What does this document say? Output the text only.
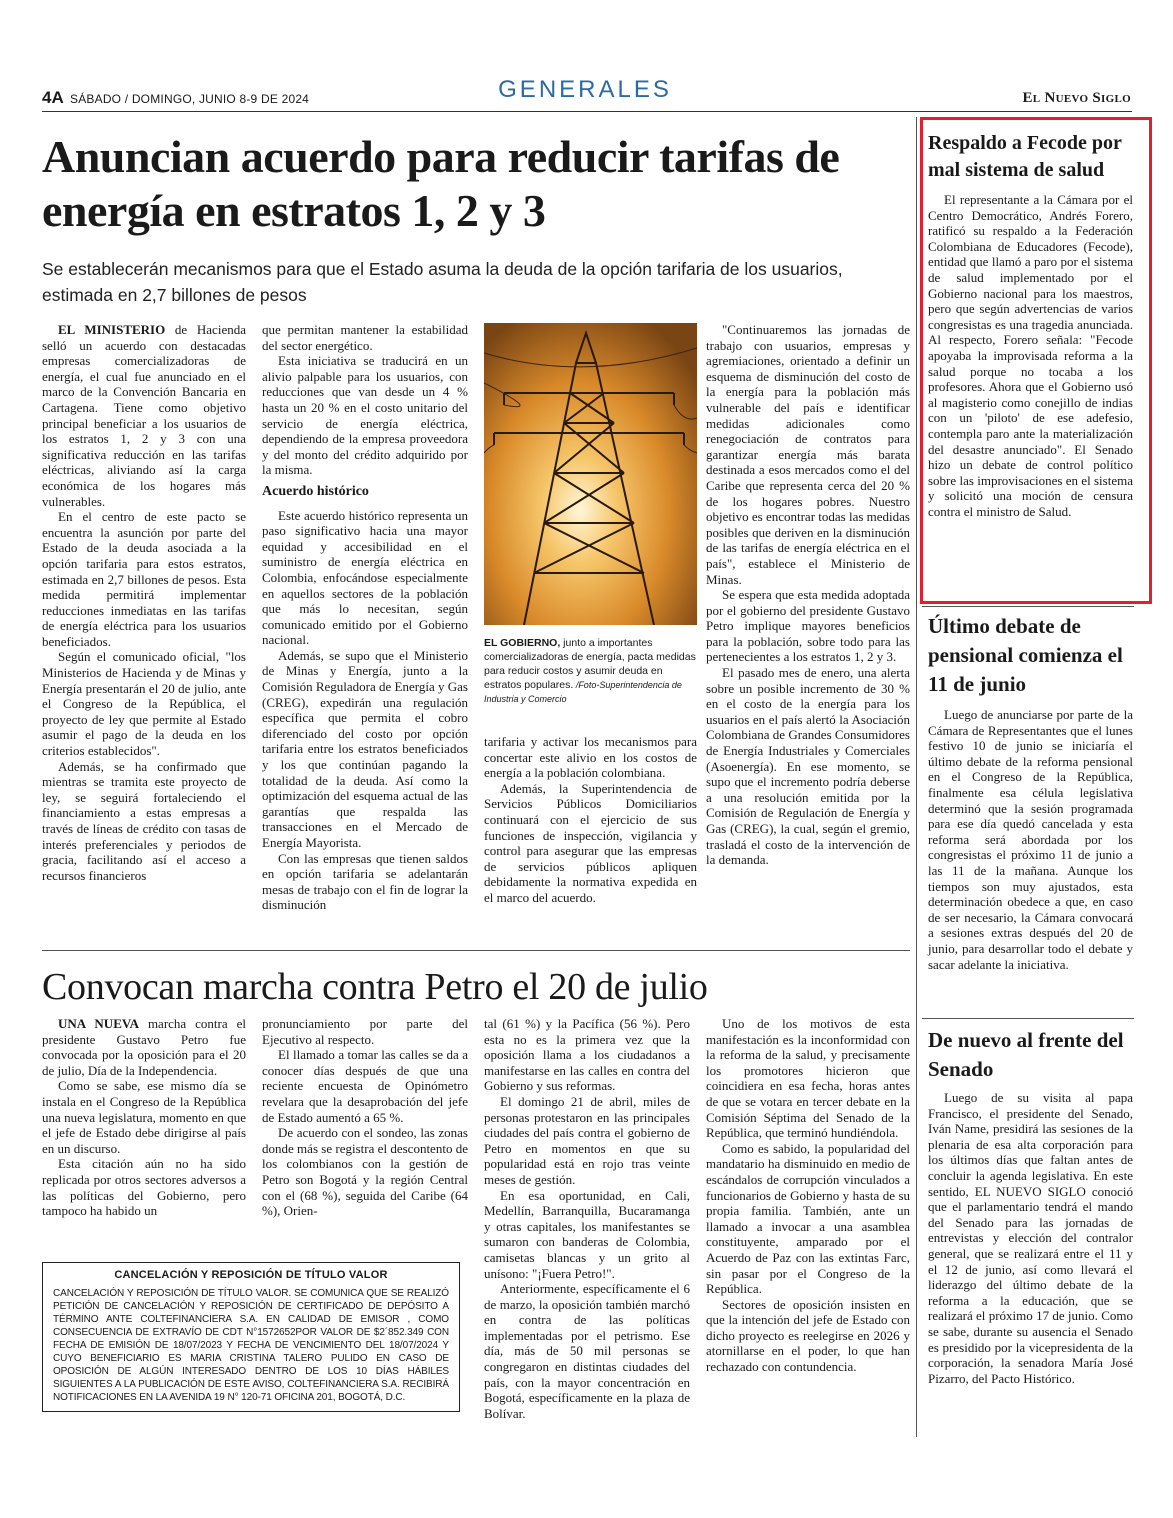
4A SÁBADO / DOMINGO, JUNIO 8-9 DE 2024	GENERALES	El Nuevo Siglo
Anuncian acuerdo para reducir tarifas de energía en estratos 1, 2 y 3

Se establecerán mecanismos para que el Estado asuma la deuda de la opción tarifaria de los usuarios, estimada en 2,7 billones de pesos

EL MINISTERIO de Hacienda selló un acuerdo con destacadas empresas comercializadoras de energía, el cual fue anunciado en el marco de la Convención Bancaria en Cartagena. Tiene como objetivo principal beneficiar a los usuarios de los estratos 1, 2 y 3 con una significativa reducción en las tarifas eléctricas, aliviando así la carga económica de los hogares más vulnerables.

En el centro de este pacto se encuentra la asunción por parte del Estado de la deuda asociada a la opción tarifaria para estos estratos, estimada en 2,7 billones de pesos. Esta medida permitirá implementar reducciones inmediatas en las tarifas de energía eléctrica para los usuarios beneficiados.

Según el comunicado oficial, "los Ministerios de Hacienda y de Minas y Energía presentarán el 20 de julio, ante el Congreso de la República, el proyecto de ley que permite al Estado asumir el pago de la deuda en los criterios establecidos".

Además, se ha confirmado que mientras se tramita este proyecto de ley, se seguirá fortaleciendo el financiamiento a estas empresas a través de líneas de crédito con tasas de interés preferenciales y periodos de gracia, facilitando así el acceso a recursos financieros

que permitan mantener la estabilidad del sector energético.

Esta iniciativa se traducirá en un alivio palpable para los usuarios, con reducciones que van desde un 4 % hasta un 20 % en el costo unitario del servicio de energía eléctrica, dependiendo de la empresa proveedora y del monto del crédito adquirido por la misma.

Acuerdo histórico

Este acuerdo histórico representa un paso significativo hacia una mayor equidad y accesibilidad en el suministro de energía eléctrica en Colombia, enfocándose especialmente en aquellos sectores de la población que más lo necesitan, según comunicado emitido por el Gobierno nacional.

Además, se supo que el Ministerio de Minas y Energía, junto a la Comisión Reguladora de Energía y Gas (CREG), expedirán una regulación específica que permita el cobro diferenciado del costo por opción tarifaria entre los estratos beneficiados y los que continúan pagando la totalidad de la deuda. Así como la optimización del esquema actual de las garantías que respalda las transacciones en el Mercado de Energía Mayorista.

Con las empresas que tienen saldos en opción tarifaria se adelantarán mesas de trabajo con el fin de lograr la disminución

EL GOBIERNO, junto a importantes comercializadoras de energía, pacta medidas para reducir costos y asumir deuda en estratos populares. /Foto-Superintendencia de Industria y Comercio

tarifaria y activar los mecanismos para concertar este alivio en los costos de energía a la población colombiana.

Además, la Superintendencia de Servicios Públicos Domiciliarios continuará con el ejercicio de sus funciones de inspección, vigilancia y control para asegurar que las empresas de servicios públicos apliquen debidamente la normativa expedida en el marco del acuerdo.

"Continuaremos las jornadas de trabajo con usuarios, empresas y agremiaciones, orientado a definir un esquema de disminución del costo de la energía para la población más vulnerable del país e identificar medidas adicionales como renegociación de contratos para garantizar energía más barata destinada a esos mercados como el del Caribe que representa cerca del 20 % de los hogares pobres. Nuestro objetivo es encontrar todas las medidas posibles que deriven en la disminución de las tarifas de energía eléctrica en el país", establece el Ministerio de Minas.

Se espera que esta medida adoptada por el gobierno del presidente Gustavo Petro implique mayores beneficios para la población, sobre todo para las pertenecientes a los estratos 1, 2 y 3.

El pasado mes de enero, una alerta sobre un posible incremento de 30 % en el costo de la energía para los usuarios en el país alertó la Asociación Colombiana de Grandes Consumidores de Energía Industriales y Comerciales (Asoenergía). En ese momento, se supo que el incremento podría deberse a una resolución emitida por la Comisión de Regulación de Energía y Gas (CREG), la cual, según el gremio, trasladá el costo de la intervención de la demanda.

Convocan marcha contra Petro el 20 de julio

UNA NUEVA marcha contra el presidente Gustavo Petro fue convocada por la oposición para el 20 de julio, Día de la Independencia.

Como se sabe, ese mismo día se instala en el Congreso de la República una nueva legislatura, momento en que el jefe de Estado debe dirigirse al país en un discurso.

Esta citación aún no ha sido replicada por otros sectores adversos a las políticas del Gobierno, pero tampoco ha habido un

pronunciamiento por parte del Ejecutivo al respecto.

El llamado a tomar las calles se da a conocer días después de que una reciente encuesta de Opinómetro revelara que la desaprobación del jefe de Estado aumentó a 65 %.

De acuerdo con el sondeo, las zonas donde más se registra el descontento de los colombianos con la gestión de Petro son Bogotá y la región Central con el (68 %), seguida del Caribe (64 %), Orien-

tal (61 %) y la Pacífica (56 %). Pero esta no es la primera vez que la oposición llama a los ciudadanos a manifestarse en las calles en contra del Gobierno y sus reformas.

El domingo 21 de abril, miles de personas protestaron en las principales ciudades del país contra el gobierno de Petro en momentos en que su popularidad está en rojo tras veinte meses de gestión.

En esa oportunidad, en Cali, Medellín, Barranquilla, Bucaramanga y otras capitales, los manifestantes se sumaron con banderas de Colombia, camisetas blancas y un grito al unísono: "¡Fuera Petro!".

Anteriormente, específicamente el 6 de marzo, la oposición también marchó en contra de las políticas implementadas por el petrismo. Ese día, más de 50 mil personas se congregaron en distintas ciudades del país, con la mayor concentración en Bogotá, específicamente en la plaza de Bolívar.

Uno de los motivos de esta manifestación es la inconformidad con la reforma de la salud, y precisamente los promotores hicieron que coincidiera en esa fecha, horas antes de que se votara en tercer debate en la Comisión Séptima del Senado de la República, que terminó hundiéndola.

Como es sabido, la popularidad del mandatario ha disminuido en medio de escándalos de corrupción vinculados a funcionarios de Gobierno y hasta de su propia familia. También, ante un llamado a invocar a una asamblea constituyente, amparado por el Acuerdo de Paz con las extintas Farc, sin pasar por el Congreso de la República.

Sectores de oposición insisten en que la intención del jefe de Estado con dicho proyecto es reelegirse en 2026 y atornillarse en el poder, lo que han rechazado con contundencia.

CANCELACIÓN Y REPOSICIÓN DE TÍTULO VALOR

CANCELACIÓN Y REPOSICIÓN DE TÍTULO VALOR. SE COMUNICA QUE SE REALIZÓ PETICIÓN DE CANCELACIÓN Y REPOSICIÓN DE CERTIFICADO DE DEPÓSITO A TÉRMINO ANTE COLTEFINANCIERA S.A. EN CALIDAD DE EMISOR , COMO CONSECUENCIA DE EXTRAVÍO DE CDT N°1572652POR VALOR DE $2´852.349 CON FECHA DE EMISIÓN DE 18/07/2023 Y FECHA DE VENCIMIENTO DEL 18/07/2024 Y CUYO BENEFICIARIO ES MARIA CRISTINA TALERO PULIDO EN CASO DE OPOSICIÓN DE ALGÚN INTERESADO DENTRO DE LOS 10 DÍAS HÁBILES SIGUIENTES A LA PUBLICACIÓN DE ESTE AVISO, COLTEFINANCIERA S.A. RECIBIRÁ NOTIFICACIONES EN LA AVENIDA 19 N° 120-71 OFICINA 201, BOGOTÁ, D.C.

Respaldo a Fecode por mal sistema de salud

El representante a la Cámara por el Centro Democrático, Andrés Forero, ratificó su respaldo a la Federación Colombiana de Educadores (Fecode), entidad que llamó a paro por el sistema de salud implementado por el Gobierno nacional para los maestros, pero que según advertencias de varios congresistas es una tragedia anunciada. Al respecto, Forero señala: "Fecode apoyaba la improvisada reforma a la salud porque no tocaba a los profesores. Ahora que el Gobierno usó al magisterio como conejillo de indias con un 'piloto' de ese adefesio, contempla paro ante la materialización del desastre anunciado". El Senado hizo un debate de control político sobre las improvisaciones en el sistema y solicitó una moción de censura contra el ministro de Salud.

Último debate de pensional comienza el 11 de junio

Luego de anunciarse por parte de la Cámara de Representantes que el lunes festivo 10 de junio se iniciaría el último debate de la reforma pensional en el Congreso de la República, finalmente esa célula legislativa determinó que la sesión programada para ese día quedó cancelada y esta reforma será abordada por los congresistas el próximo 11 de junio a las 11 de la mañana. Aunque los tiempos son muy ajustados, esta determinación obedece a que, en caso de ser necesario, la Cámara convocará a sesiones extras después del 20 de junio, para desarrollar todo el debate y sacar adelante la iniciativa.

De nuevo al frente del Senado

Luego de su visita al papa Francisco, el presidente del Senado, Iván Name, presidirá las sesiones de la plenaria de esa alta corporación para los últimos días que faltan antes de concluir la agenda legislativa. En este sentido, EL NUEVO SIGLO conoció que el parlamentario tendrá el mando del Senado para las jornadas de entrevistas y elección del contralor general, que se realizará entre el 11 y el 12 de junio, así como llevará el liderazgo del último debate de la reforma a la educación, que se realizará el próximo 17 de junio. Como se sabe, durante su ausencia el Senado es presidido por la vicepresidenta de la corporación, la senadora María José Pizarro, del Pacto Histórico.
